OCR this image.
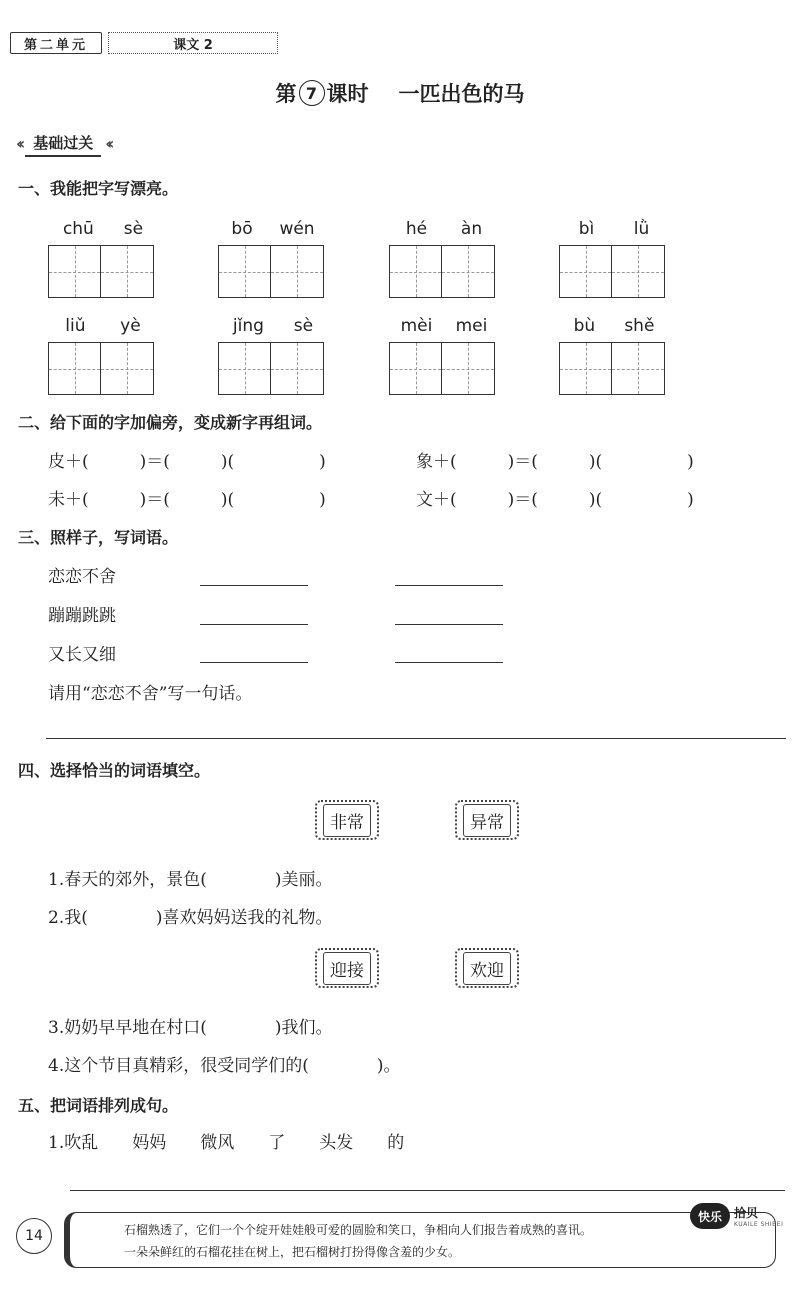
第二单元	课文 2
第 7 课时 一匹出色的马
‹‹ 基础过关 ‹‹
一、我能把字写漂亮。
chū sè	bō wén	hé àn	bì lǜ
liǔ yè	jǐng sè	mèi mei	bù shě
二、给下面的字加偏旁，变成新字再组词。
皮＋(　　　)＝(　　　)(　　　　　)	象＋(　　　)＝(　　　)(　　　　　)
未＋(　　　)＝(　　　)(　　　　　)	文＋(　　　)＝(　　　)(　　　　　)
三、照样子，写词语。
恋恋不舍
蹦蹦跳跳
又长又细
请用“恋恋不舍”写一句话。
四、选择恰当的词语填空。
非常	异常
1.春天的郊外，景色(　　　　)美丽。
2.我(　　　　)喜欢妈妈送我的礼物。
迎接	欢迎
3.奶奶早早地在村口(　　　　)我们。
4.这个节目真精彩，很受同学们的(　　　　)。
五、把词语排列成句。
1.吹乱　　妈妈　　微风　　了　　头发　　的
14	石榴熟透了，它们一个个绽开娃娃般可爱的圆脸和笑口，争相向人们报告着成熟的喜讯。
一朵朵鲜红的石榴花挂在树上，把石榴树打扮得像含羞的少女。
快乐	拾贝
KUAILE SHIBEI
